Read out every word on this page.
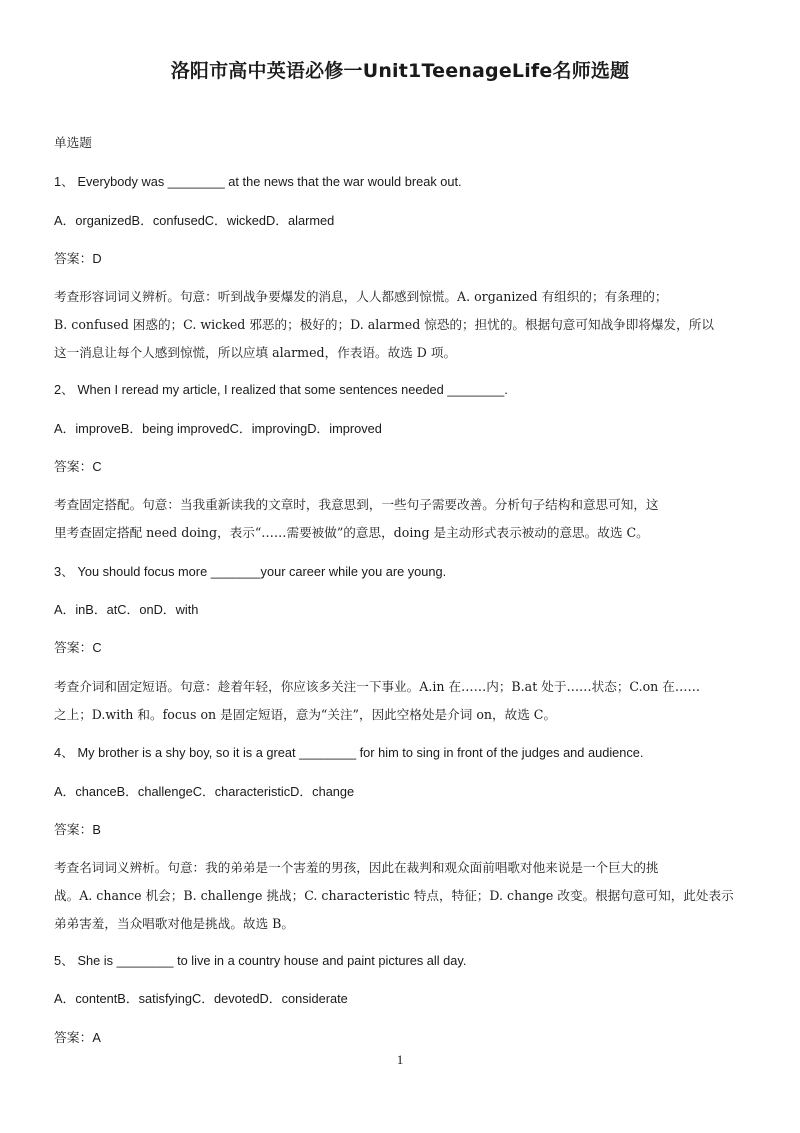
洛阳市高中英语必修一Unit1TeenageLife名师选题
单选题
1、 Everybody was ________ at the news that the war would break out.
A．organizedB．confusedC．wickedD．alarmed
答案：D
考查形容词词义辨析。句意：听到战争要爆发的消息，人人都感到惊慌。A. organized 有组织的；有条理的；
B. confused 困惑的；C. wicked 邪恶的；极好的；D. alarmed 惊恐的；担忧的。根据句意可知战争即将爆发，所以
这一消息让每个人感到惊慌，所以应填 alarmed，作表语。故选 D 项。
2、 When I reread my article, I realized that some sentences needed ________.
A．improveB．being improvedC．improvingD．improved
答案：C
考查固定搭配。句意：当我重新读我的文章时，我意思到，一些句子需要改善。分析句子结构和意思可知，这
里考查固定搭配 need doing，表示“……需要被做”的意思，doing 是主动形式表示被动的意思。故选 C。
3、 You should focus more _______your career while you are young.
A．inB．atC．onD．with
答案：C
考查介词和固定短语。句意：趁着年轻，你应该多关注一下事业。A.in 在……内；B.at 处于……状态；C.on 在……
之上；D.with 和。focus on 是固定短语，意为“关注”，因此空格处是介词 on，故选 C。
4、 My brother is a shy boy, so it is a great ________ for him to sing in front of the judges and audience.
A．chanceB．challengeC．characteristicD．change
答案：B
考查名词词义辨析。句意：我的弟弟是一个害羞的男孩，因此在裁判和观众面前唱歌对他来说是一个巨大的挑
战。A. chance 机会；B. challenge 挑战；C. characteristic 特点，特征；D. change 改变。根据句意可知，此处表示
弟弟害羞，当众唱歌对他是挑战。故选 B。
5、 She is ________ to live in a country house and paint pictures all day.
A．contentB．satisfyingC．devotedD．considerate
答案：A
1
